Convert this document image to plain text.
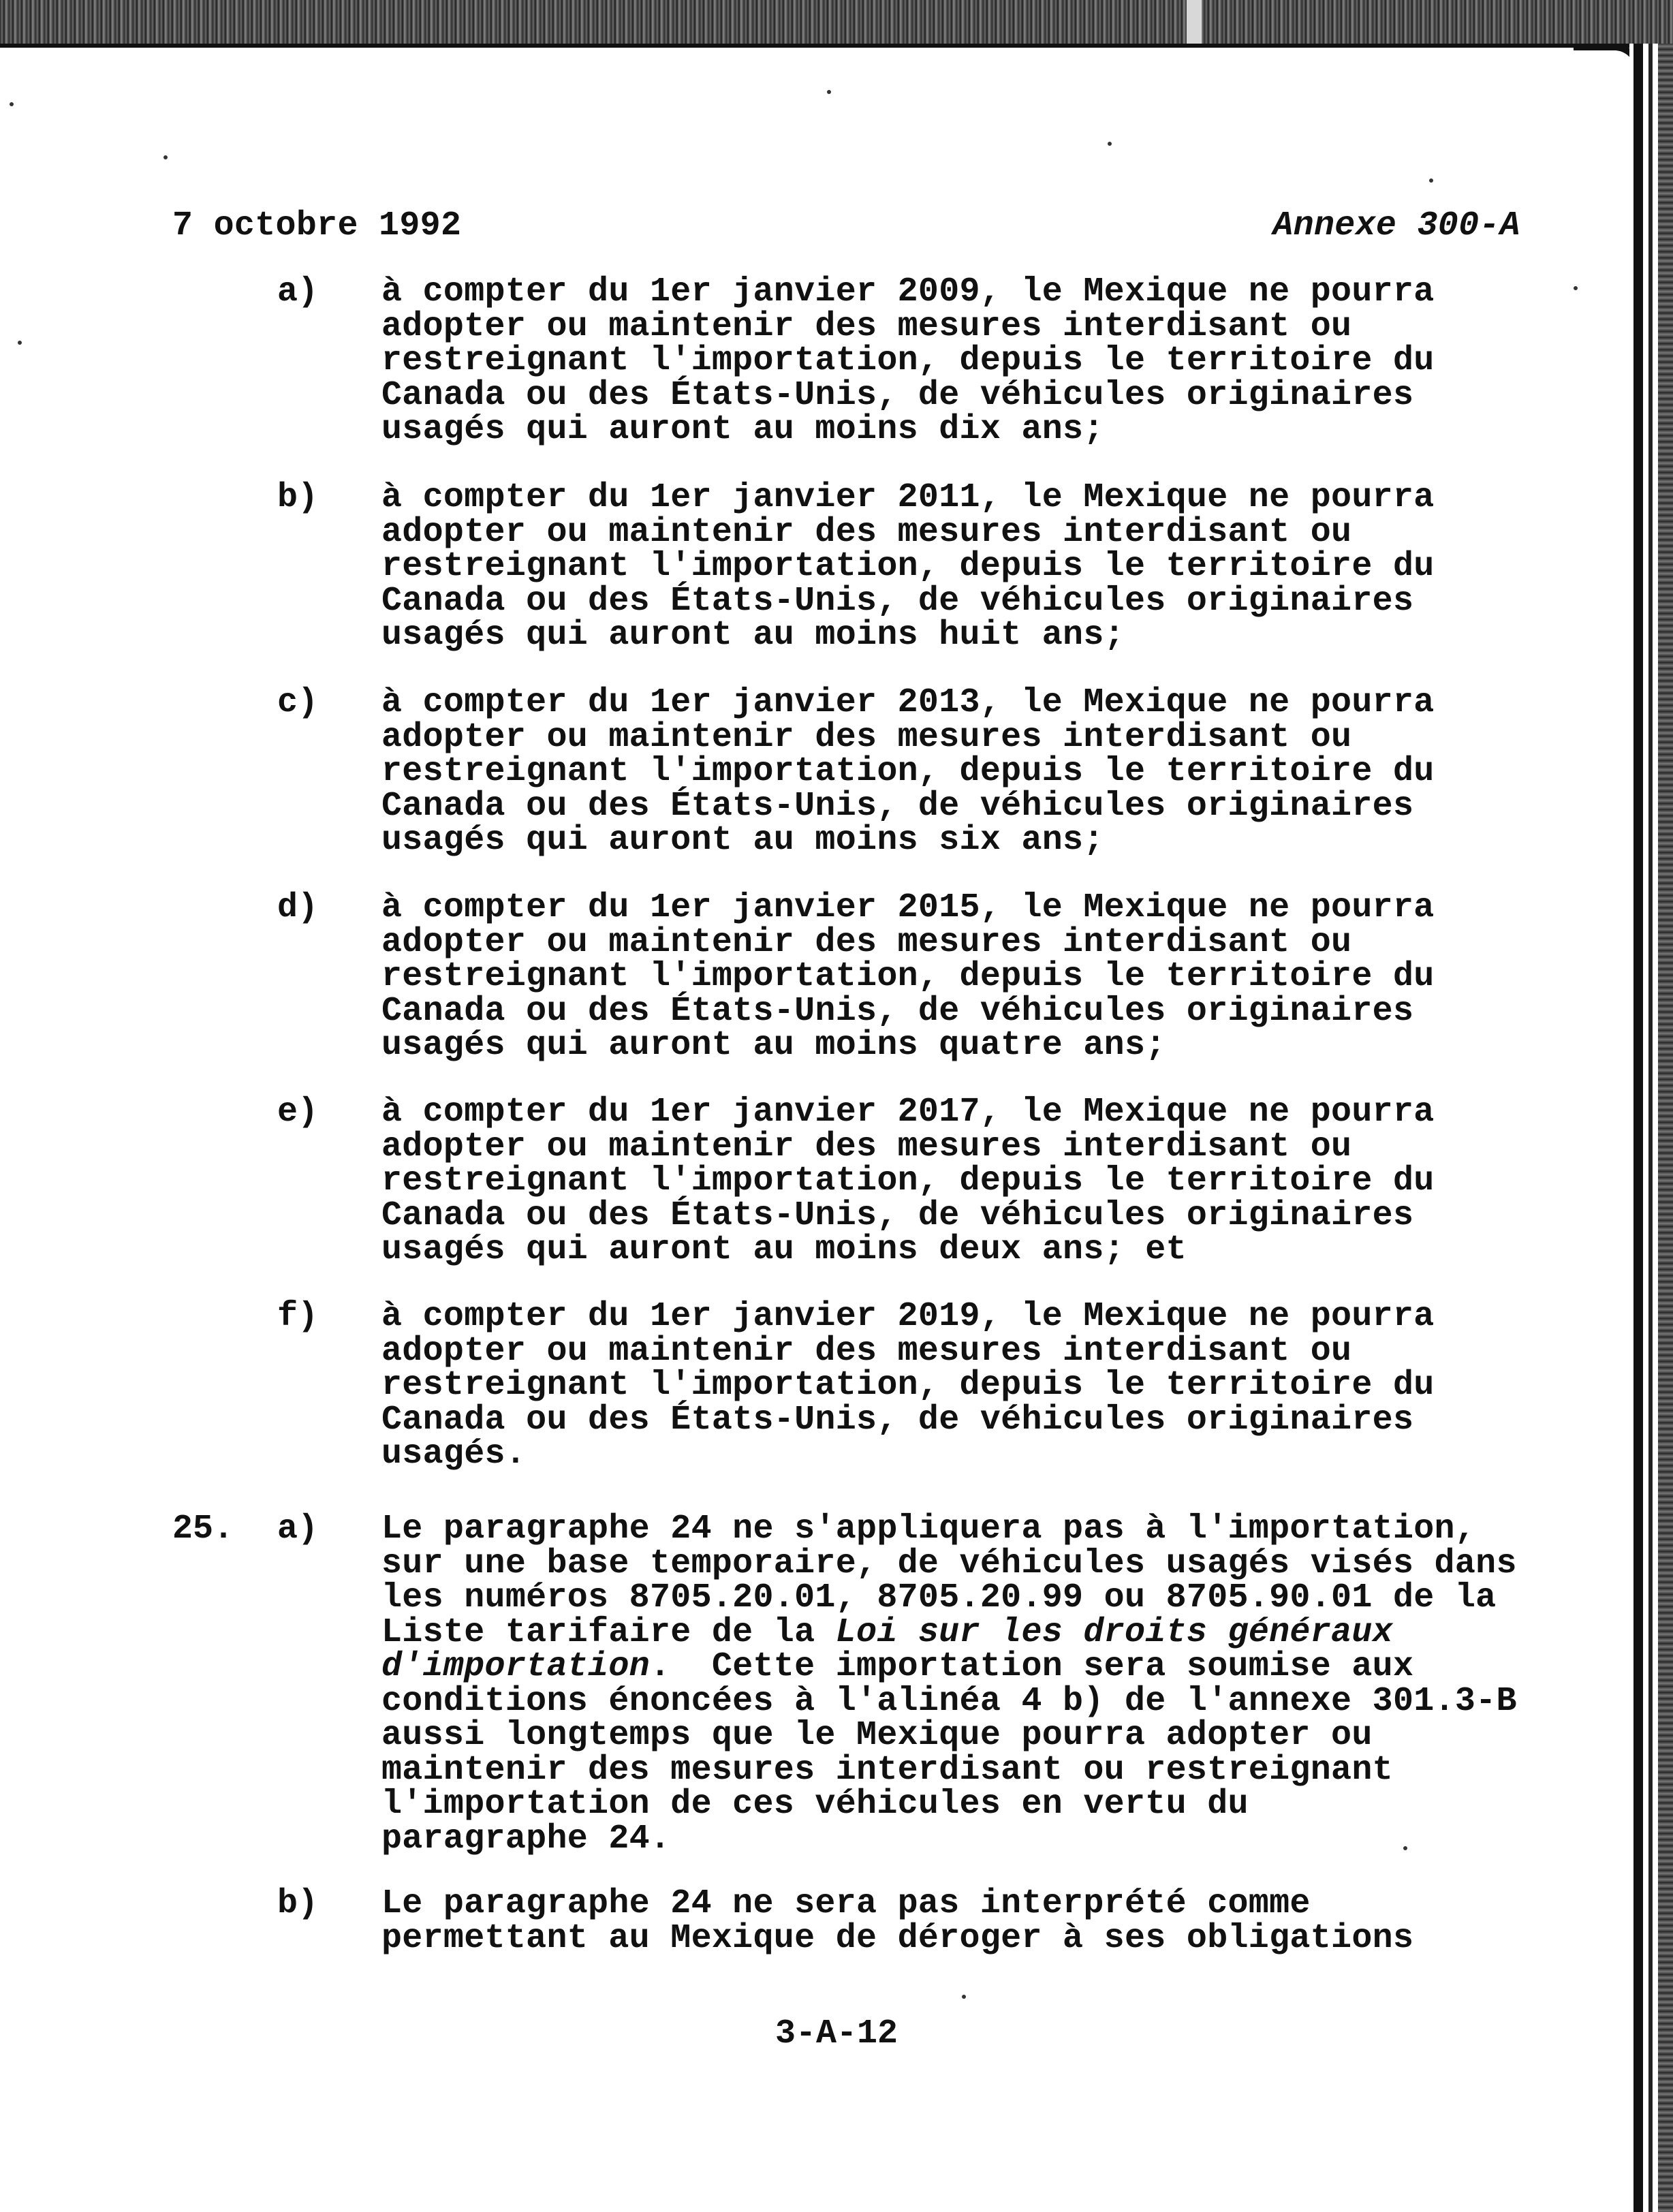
7 octobre 1992	Annexe 300-A
a) à compter du 1er janvier 2009, le Mexique ne pourra
adopter ou maintenir des mesures interdisant ou
restreignant l'importation, depuis le territoire du
Canada ou des États-Unis, de véhicules originaires
usagés qui auront au moins dix ans;
b) à compter du 1er janvier 2011, le Mexique ne pourra
adopter ou maintenir des mesures interdisant ou
restreignant l'importation, depuis le territoire du
Canada ou des États-Unis, de véhicules originaires
usagés qui auront au moins huit ans;
c) à compter du 1er janvier 2013, le Mexique ne pourra
adopter ou maintenir des mesures interdisant ou
restreignant l'importation, depuis le territoire du
Canada ou des États-Unis, de véhicules originaires
usagés qui auront au moins six ans;
d) à compter du 1er janvier 2015, le Mexique ne pourra
adopter ou maintenir des mesures interdisant ou
restreignant l'importation, depuis le territoire du
Canada ou des États-Unis, de véhicules originaires
usagés qui auront au moins quatre ans;
e) à compter du 1er janvier 2017, le Mexique ne pourra
adopter ou maintenir des mesures interdisant ou
restreignant l'importation, depuis le territoire du
Canada ou des États-Unis, de véhicules originaires
usagés qui auront au moins deux ans; et
f) à compter du 1er janvier 2019, le Mexique ne pourra
adopter ou maintenir des mesures interdisant ou
restreignant l'importation, depuis le territoire du
Canada ou des États-Unis, de véhicules originaires
usagés.
25. a) Le paragraphe 24 ne s'appliquera pas à l'importation,
sur une base temporaire, de véhicules usagés visés dans
les numéros 8705.20.01, 8705.20.99 ou 8705.90.01 de la
Liste tarifaire de la Loi sur les droits généraux
d'importation.  Cette importation sera soumise aux
conditions énoncées à l'alinéa 4 b) de l'annexe 301.3-B
aussi longtemps que le Mexique pourra adopter ou
maintenir des mesures interdisant ou restreignant
l'importation de ces véhicules en vertu du
paragraphe 24.
b) Le paragraphe 24 ne sera pas interprété comme
permettant au Mexique de déroger à ses obligations
3-A-12
